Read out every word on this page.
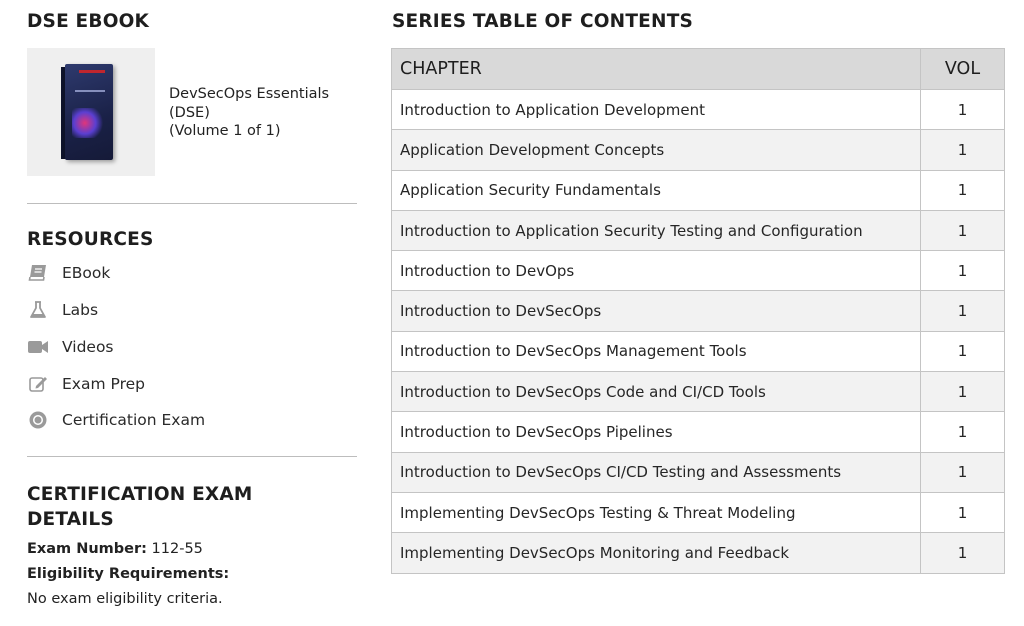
DSE EBOOK
DevSecOps Essentials
(DSE)
(Volume 1 of 1)
RESOURCES
EBook
Labs
Videos
Exam Prep
Certification Exam
CERTIFICATION EXAM
DETAILS
Exam Number: 112-55
Eligibility Requirements:
No exam eligibility criteria.
SERIES TABLE OF CONTENTS
CHAPTER	VOL
Introduction to Application Development	1
Application Development Concepts	1
Application Security Fundamentals	1
Introduction to Application Security Testing and Configuration	1
Introduction to DevOps	1
Introduction to DevSecOps	1
Introduction to DevSecOps Management Tools	1
Introduction to DevSecOps Code and CI/CD Tools	1
Introduction to DevSecOps Pipelines	1
Introduction to DevSecOps CI/CD Testing and Assessments	1
Implementing DevSecOps Testing & Threat Modeling	1
Implementing DevSecOps Monitoring and Feedback	1
